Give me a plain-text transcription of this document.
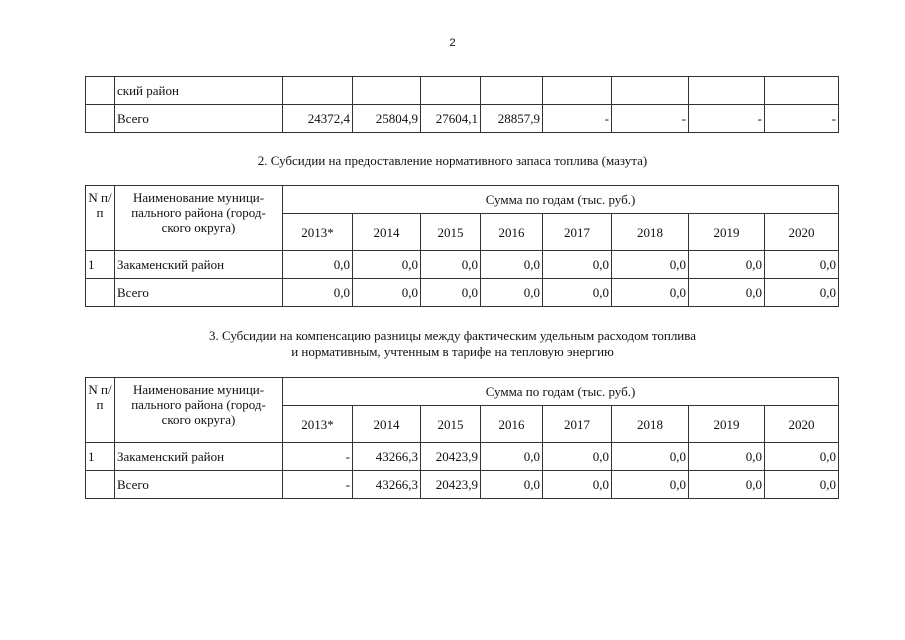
2
	ский район								
	Всего	24372,4	25804,9	27604,1	28857,9	-	-	-	-
2. Субсидии на предоставление нормативного запаса топлива (мазута)
N п/п	Наименование муници-пального района (город-ского округа)	Сумма по годам (тыс. руб.)							
		2013*	2014	2015	2016	2017	2018	2019	2020
1	Закаменский район	0,0	0,0	0,0	0,0	0,0	0,0	0,0	0,0
	Всего	0,0	0,0	0,0	0,0	0,0	0,0	0,0	0,0
3. Субсидии на компенсацию разницы между фактическим удельным расходом топлива
и нормативным, учтенным в тарифе на тепловую энергию
N п/п	Наименование муници-пального района (город-ского округа)	Сумма по годам (тыс. руб.)							
		2013*	2014	2015	2016	2017	2018	2019	2020
1	Закаменский район	-	43266,3	20423,9	0,0	0,0	0,0	0,0	0,0
	Всего	-	43266,3	20423,9	0,0	0,0	0,0	0,0	0,0
